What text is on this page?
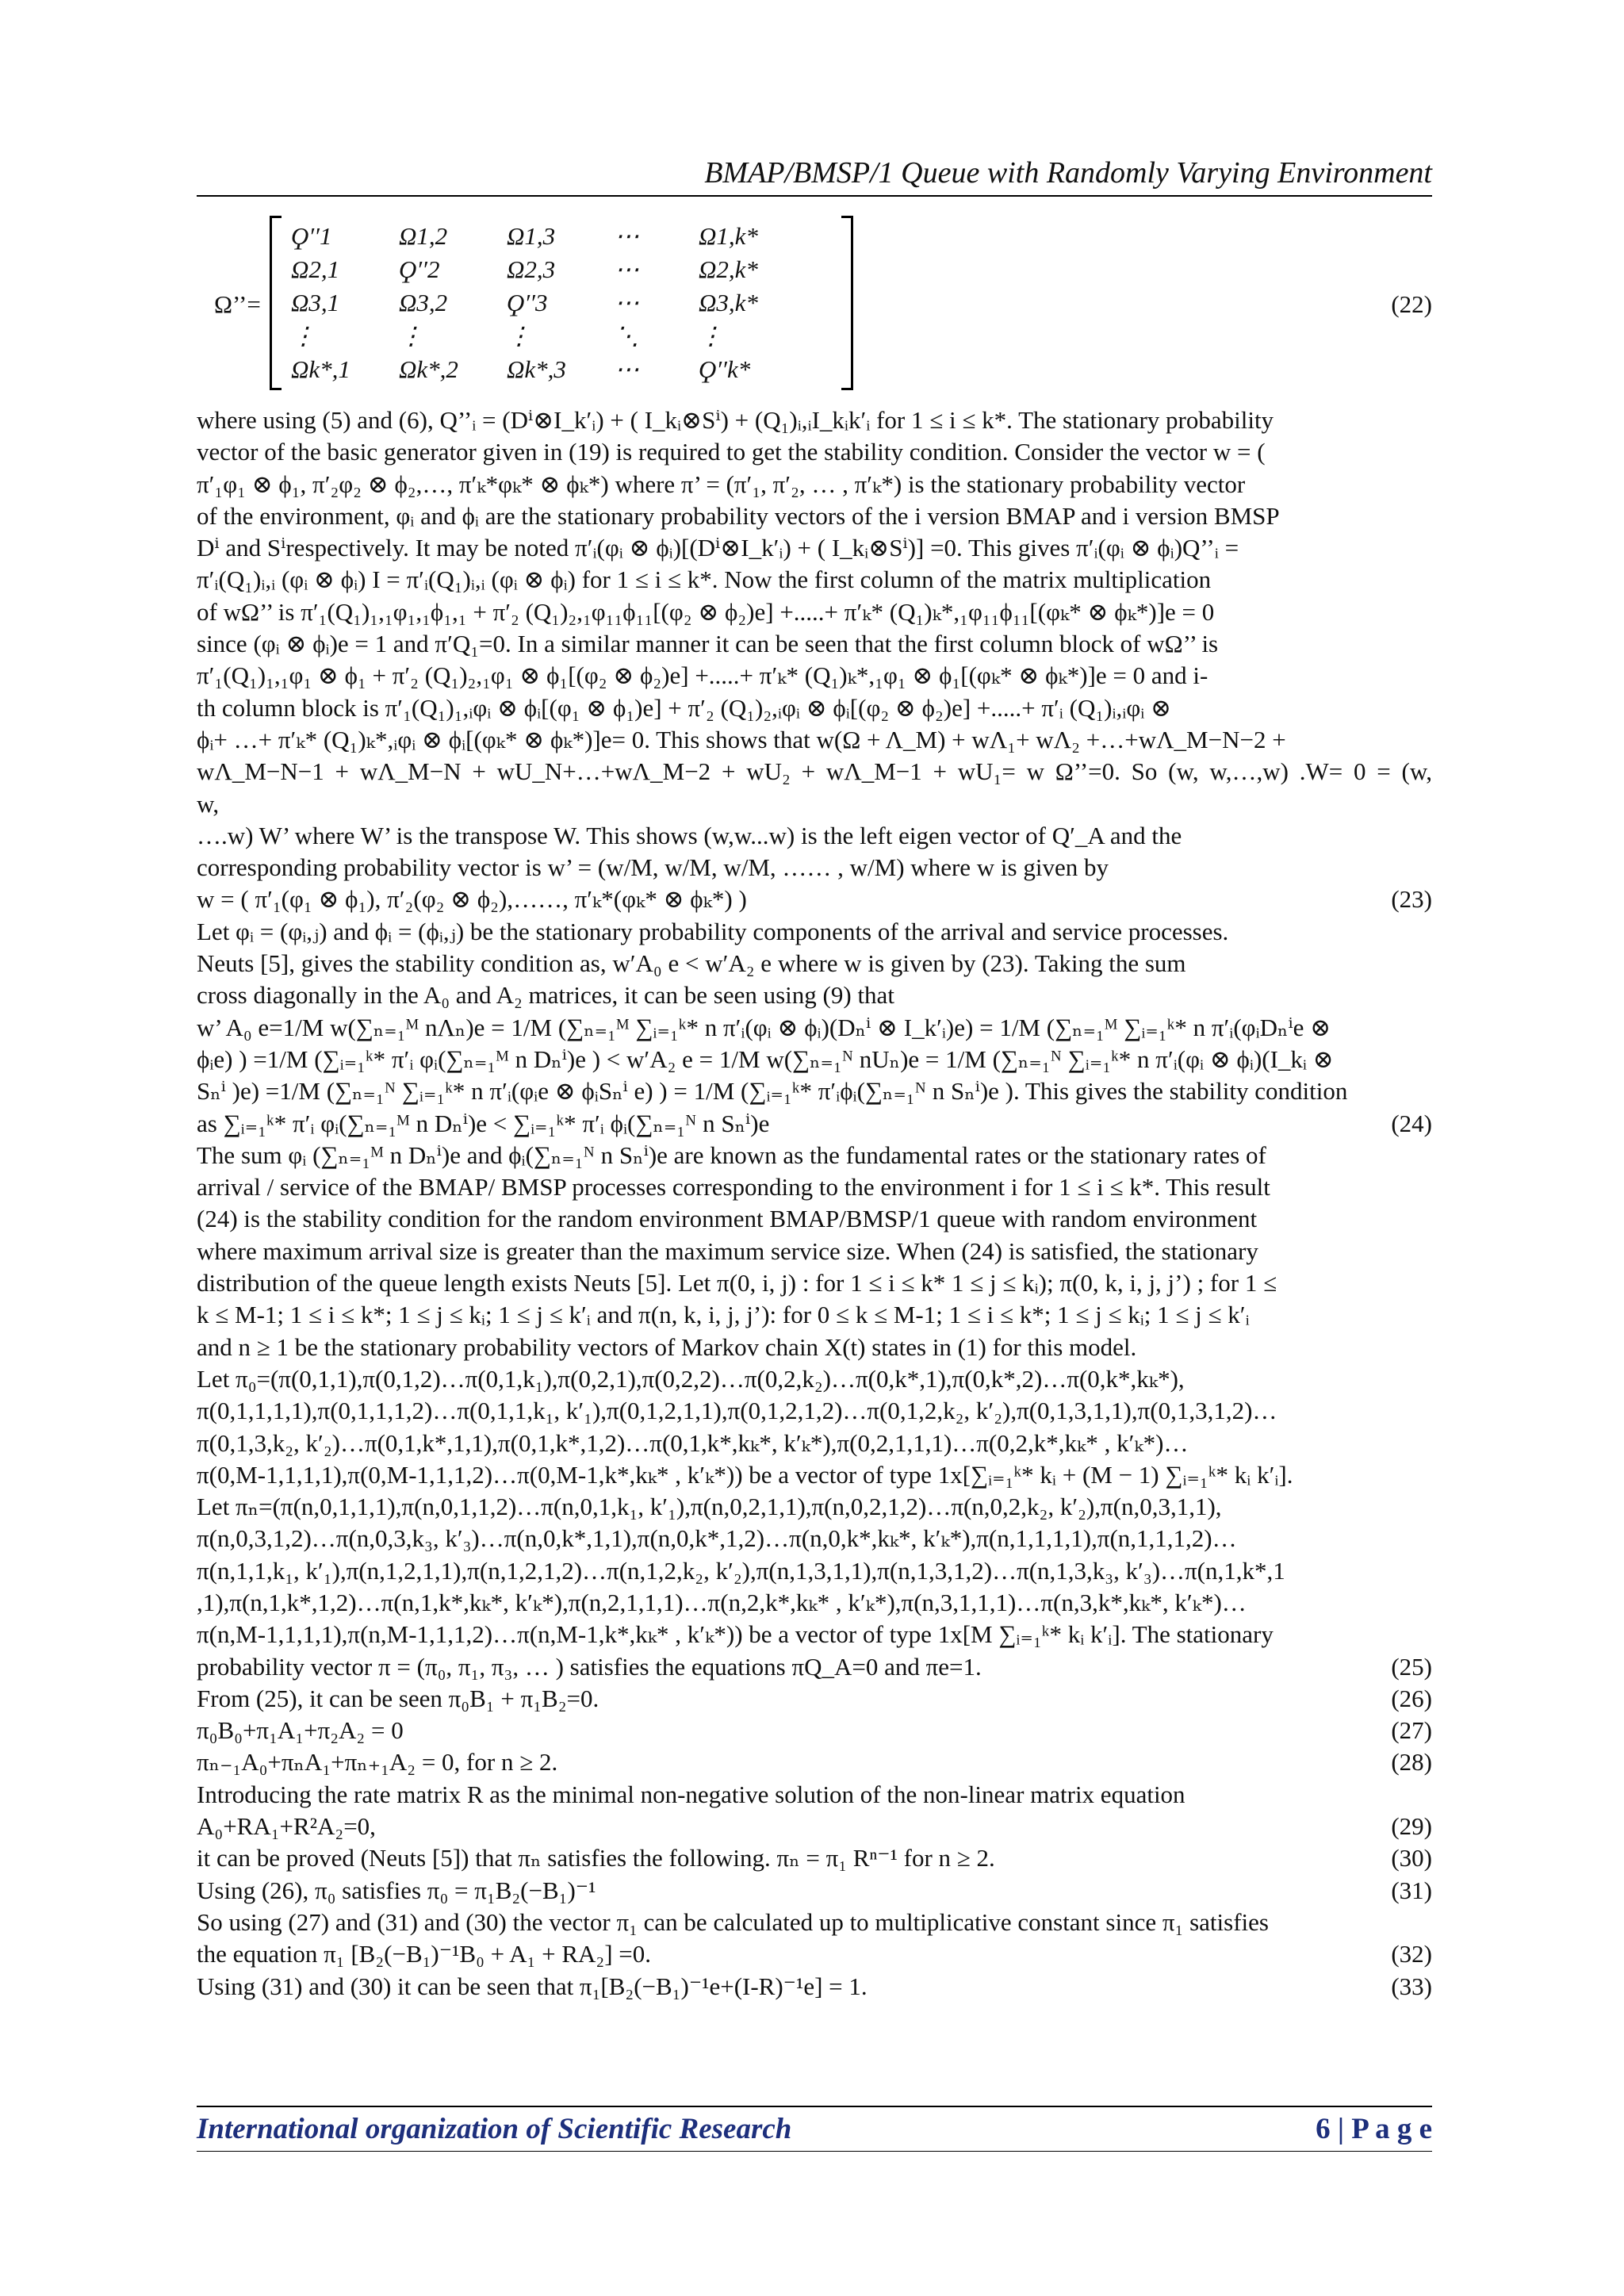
BMAP/BMSP/1 Queue with Randomly Varying Environment
Ω’’=
Ϙ′′1	Ω1,2	Ω1,3	⋯	Ω1,k*
Ω2,1	Ϙ′′2	Ω2,3	⋯	Ω2,k*
Ω3,1	Ω3,2	Ϙ′′3	⋯	Ω3,k*
⋮	⋮	⋮	⋱	⋮
Ωk*,1	Ωk*,2	Ωk*,3	⋯	Ϙ′′k*
(22)
where using (5) and (6), Q’’ᵢ = (Dⁱ⊗I_k′ᵢ) + ( I_kᵢ⊗Sⁱ) + (Q₁)ᵢ,ᵢI_kᵢk′ᵢ for 1 ≤ i ≤ k*. The stationary probability
vector of the basic generator given in (19) is required to get the stability condition. Consider the vector w = (
π′₁φ₁ ⊗ ϕ₁, π′₂φ₂ ⊗ ϕ₂,…, π′ₖ*φₖ* ⊗ ϕₖ*) where π’ = (π′₁, π′₂, … , π′ₖ*) is the stationary probability vector
of the environment, φᵢ and ϕᵢ are the stationary probability vectors of the i version BMAP and i version BMSP
Dⁱ and Sⁱrespectively. It may be noted π′ᵢ(φᵢ ⊗ ϕᵢ)[(Dⁱ⊗I_k′ᵢ) + ( I_kᵢ⊗Sⁱ)] =0. This gives π′ᵢ(φᵢ ⊗ ϕᵢ)Q’’ᵢ =
π′ᵢ(Q₁)ᵢ,ᵢ (φᵢ ⊗ ϕᵢ) I = π′ᵢ(Q₁)ᵢ,ᵢ (φᵢ ⊗ ϕᵢ) for 1 ≤ i ≤ k*. Now the first column of the matrix multiplication
of wΩ’’ is π′₁(Q₁)₁,₁φ₁,₁ϕ₁,₁ + π′₂ (Q₁)₂,₁φ₁₁ϕ₁₁[(φ₂ ⊗ ϕ₂)e] +.....+ π′ₖ* (Q₁)ₖ*,₁φ₁₁ϕ₁₁[(φₖ* ⊗ ϕₖ*)]e = 0
since (φᵢ ⊗ ϕᵢ)e = 1 and π′Q₁=0. In a similar manner it can be seen that the first column block of wΩ’’ is
π′₁(Q₁)₁,₁φ₁ ⊗ ϕ₁ + π′₂ (Q₁)₂,₁φ₁ ⊗ ϕ₁[(φ₂ ⊗ ϕ₂)e] +.....+ π′ₖ* (Q₁)ₖ*,₁φ₁ ⊗ ϕ₁[(φₖ* ⊗ ϕₖ*)]e = 0 and i-
th column block is π′₁(Q₁)₁,ᵢφᵢ ⊗ ϕᵢ[(φ₁ ⊗ ϕ₁)e] + π′₂ (Q₁)₂,ᵢφᵢ ⊗ ϕᵢ[(φ₂ ⊗ ϕ₂)e] +.....+ π′ᵢ (Q₁)ᵢ,ᵢφᵢ ⊗
ϕᵢ+ …+ π′ₖ* (Q₁)ₖ*,ᵢφᵢ ⊗ ϕᵢ[(φₖ* ⊗ ϕₖ*)]e= 0. This shows that w(Ω + Λ_M) + wΛ₁+ wΛ₂ +…+wΛ_M−N−2 +
wΛ_M−N−1 + wΛ_M−N + wU_N+…+wΛ_M−2 + wU₂ + wΛ_M−1 + wU₁= w Ω’’=0. So (w, w,…,w) .W= 0 = (w, w,
….w) W’ where W’ is the transpose W. This shows (w,w...w) is the left eigen vector of Q′_A and the
corresponding probability vector is w’ = (w/M, w/M, w/M, …… , w/M) where w is given by
w = ( π′₁(φ₁ ⊗ ϕ₁), π′₂(φ₂ ⊗ ϕ₂),……, π′ₖ*(φₖ* ⊗ ϕₖ*) )	(23)
Let φᵢ = (φᵢ,ⱼ) and ϕᵢ = (ϕᵢ,ⱼ) be the stationary probability components of the arrival and service processes.
Neuts [5], gives the stability condition as, w′A₀ e < w′A₂ e where w is given by (23). Taking the sum
cross diagonally in the A₀ and A₂ matrices, it can be seen using (9) that
w’ A₀ e=1/M w(∑ₙ₌₁ᴹ nΛₙ)e = 1/M (∑ₙ₌₁ᴹ ∑ᵢ₌₁ᵏ* n π′ᵢ(φᵢ ⊗ ϕᵢ)(Dₙⁱ ⊗ I_k′ᵢ)e) = 1/M (∑ₙ₌₁ᴹ ∑ᵢ₌₁ᵏ* n π′ᵢ(φᵢDₙⁱe ⊗
ϕᵢe) ) =1/M (∑ᵢ₌₁ᵏ* π′ᵢ φᵢ(∑ₙ₌₁ᴹ n Dₙⁱ)e ) < w′A₂ e = 1/M w(∑ₙ₌₁ᴺ nUₙ)e = 1/M (∑ₙ₌₁ᴺ ∑ᵢ₌₁ᵏ* n π′ᵢ(φᵢ ⊗ ϕᵢ)(I_kᵢ ⊗
Sₙⁱ )e) =1/M (∑ₙ₌₁ᴺ ∑ᵢ₌₁ᵏ* n π′ᵢ(φᵢe ⊗ ϕᵢSₙⁱ e) ) = 1/M (∑ᵢ₌₁ᵏ* π′ᵢϕᵢ(∑ₙ₌₁ᴺ n Sₙⁱ)e ). This gives the stability condition
as ∑ᵢ₌₁ᵏ* π′ᵢ φᵢ(∑ₙ₌₁ᴹ n Dₙⁱ)e < ∑ᵢ₌₁ᵏ* π′ᵢ ϕᵢ(∑ₙ₌₁ᴺ n Sₙⁱ)e	(24)
The sum φᵢ (∑ₙ₌₁ᴹ n Dₙⁱ)e and ϕᵢ(∑ₙ₌₁ᴺ n Sₙⁱ)e are known as the fundamental rates or the stationary rates of
arrival / service of the BMAP/ BMSP processes corresponding to the environment i for 1 ≤ i ≤ k*. This result
(24) is the stability condition for the random environment BMAP/BMSP/1 queue with random environment
where maximum arrival size is greater than the maximum service size. When (24) is satisfied, the stationary
distribution of the queue length exists Neuts [5]. Let π(0, i, j) : for 1 ≤ i ≤ k* 1 ≤ j ≤ kᵢ); π(0, k, i, j, j’) ; for 1 ≤
k ≤ M-1; 1 ≤ i ≤ k*; 1 ≤ j ≤ kᵢ; 1 ≤ j ≤ k′ᵢ and π(n, k, i, j, j’): for 0 ≤ k ≤ M-1; 1 ≤ i ≤ k*; 1 ≤ j ≤ kᵢ; 1 ≤ j ≤ k′ᵢ
and n ≥ 1 be the stationary probability vectors of Markov chain X(t) states in (1) for this model.
Let π₀=(π(0,1,1),π(0,1,2)…π(0,1,k₁),π(0,2,1),π(0,2,2)…π(0,2,k₂)…π(0,k*,1),π(0,k*,2)…π(0,k*,kₖ*),
π(0,1,1,1,1),π(0,1,1,1,2)…π(0,1,1,k₁, k′₁),π(0,1,2,1,1),π(0,1,2,1,2)…π(0,1,2,k₂, k′₂),π(0,1,3,1,1),π(0,1,3,1,2)…
π(0,1,3,k₂, k′₂)…π(0,1,k*,1,1),π(0,1,k*,1,2)…π(0,1,k*,kₖ*, k′ₖ*),π(0,2,1,1,1)…π(0,2,k*,kₖ* , k′ₖ*)…
π(0,M-1,1,1,1),π(0,M-1,1,1,2)…π(0,M-1,k*,kₖ* , k′ₖ*)) be a vector of type 1x[∑ᵢ₌₁ᵏ* kᵢ + (M − 1) ∑ᵢ₌₁ᵏ* kᵢ k′ᵢ].
Let πₙ=(π(n,0,1,1,1),π(n,0,1,1,2)…π(n,0,1,k₁, k′₁),π(n,0,2,1,1),π(n,0,2,1,2)…π(n,0,2,k₂, k′₂),π(n,0,3,1,1),
π(n,0,3,1,2)…π(n,0,3,k₃, k′₃)…π(n,0,k*,1,1),π(n,0,k*,1,2)…π(n,0,k*,kₖ*, k′ₖ*),π(n,1,1,1,1),π(n,1,1,1,2)…
π(n,1,1,k₁, k′₁),π(n,1,2,1,1),π(n,1,2,1,2)…π(n,1,2,k₂, k′₂),π(n,1,3,1,1),π(n,1,3,1,2)…π(n,1,3,k₃, k′₃)…π(n,1,k*,1
,1),π(n,1,k*,1,2)…π(n,1,k*,kₖ*, k′ₖ*),π(n,2,1,1,1)…π(n,2,k*,kₖ* , k′ₖ*),π(n,3,1,1,1)…π(n,3,k*,kₖ*, k′ₖ*)…
π(n,M-1,1,1,1),π(n,M-1,1,1,2)…π(n,M-1,k*,kₖ* , k′ₖ*)) be a vector of type 1x[M ∑ᵢ₌₁ᵏ* kᵢ k′ᵢ]. The stationary
probability vector π = (π₀, π₁, π₃, … ) satisfies the equations πQ_A=0 and πe=1.	(25)
From (25), it can be seen π₀B₁ + π₁B₂=0.	(26)
π₀B₀+π₁A₁+π₂A₂ = 0	(27)
πₙ₋₁A₀+πₙA₁+πₙ₊₁A₂ = 0, for n ≥ 2.	(28)
Introducing the rate matrix R as the minimal non-negative solution of the non-linear matrix equation
A₀+RA₁+R²A₂=0,	(29)
it can be proved (Neuts [5]) that πₙ satisfies the following. πₙ = π₁ Rⁿ⁻¹ for n ≥ 2.	(30)
Using (26), π₀ satisfies π₀ = π₁B₂(−B₁)⁻¹	(31)
So using (27) and (31) and (30) the vector π₁ can be calculated up to multiplicative constant since π₁ satisfies
the equation π₁ [B₂(−B₁)⁻¹B₀ + A₁ + RA₂] =0.	(32)
Using (31) and (30) it can be seen that π₁[B₂(−B₁)⁻¹e+(I-R)⁻¹e] = 1.	(33)
International organization of Scientific Research	6 | P a g e
